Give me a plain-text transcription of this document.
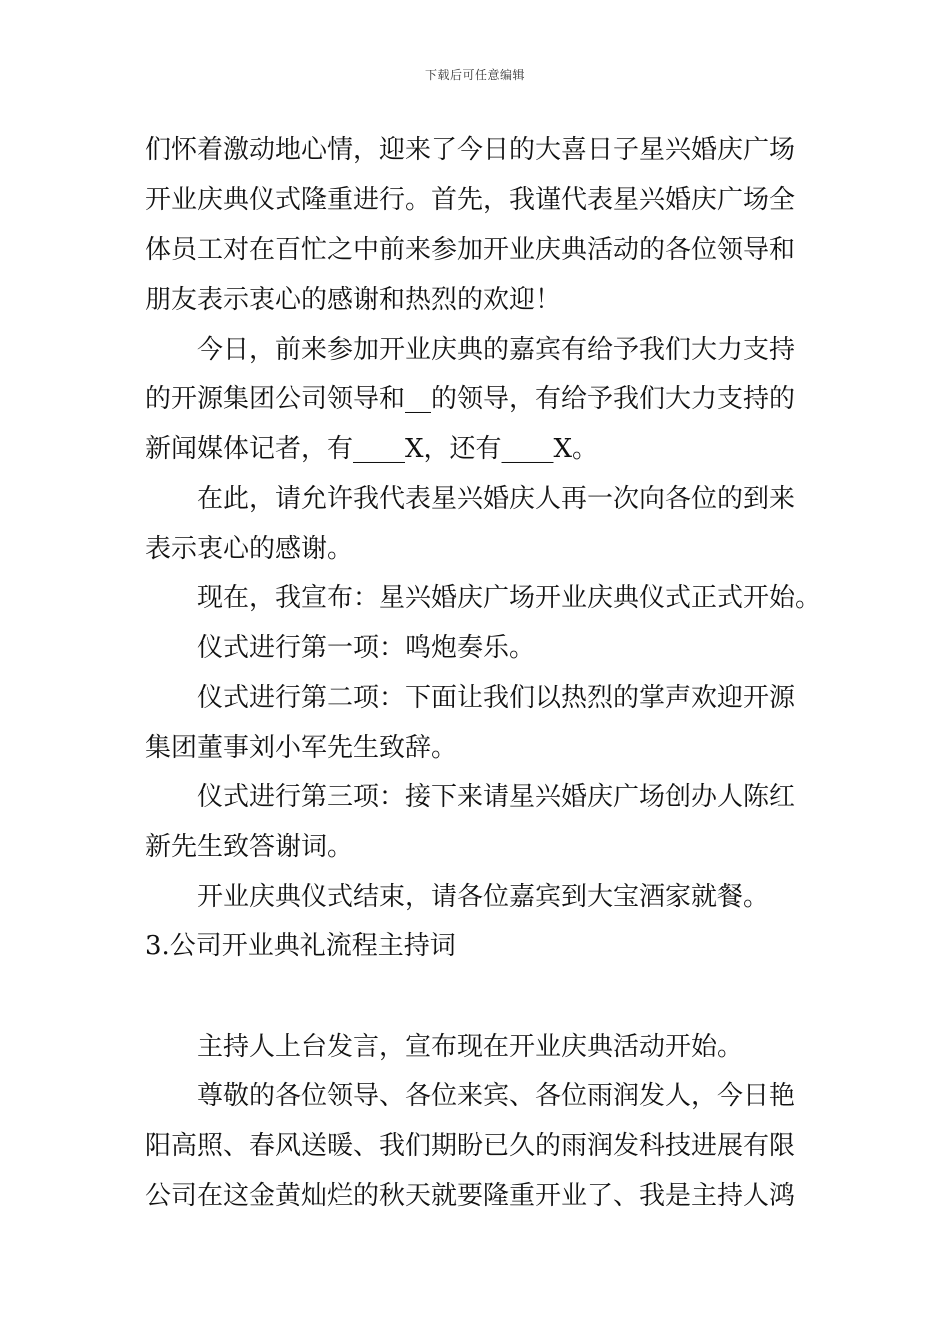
下载后可任意编辑
们怀着激动地心情，迎来了今日的大喜日子星兴婚庆广场
开业庆典仪式隆重进行。首先，我谨代表星兴婚庆广场全
体员工对在百忙之中前来参加开业庆典活动的各位领导和
朋友表示衷心的感谢和热烈的欢迎！
今日，前来参加开业庆典的嘉宾有给予我们大力支持
的开源集团公司领导和__的领导，有给予我们大力支持的
新闻媒体记者，有____X，还有____X。
在此，请允许我代表星兴婚庆人再一次向各位的到来
表示衷心的感谢。
现在，我宣布：星兴婚庆广场开业庆典仪式正式开始。
仪式进行第一项：鸣炮奏乐。
仪式进行第二项：下面让我们以热烈的掌声欢迎开源
集团董事刘小军先生致辞。
仪式进行第三项：接下来请星兴婚庆广场创办人陈红
新先生致答谢词。
开业庆典仪式结束，请各位嘉宾到大宝酒家就餐。
3.公司开业典礼流程主持词
主持人上台发言，宣布现在开业庆典活动开始。
尊敬的各位领导、各位来宾、各位雨润发人，今日艳
阳高照、春风送暖、我们期盼已久的雨润发科技进展有限
公司在这金黄灿烂的秋天就要隆重开业了、我是主持人鸿
